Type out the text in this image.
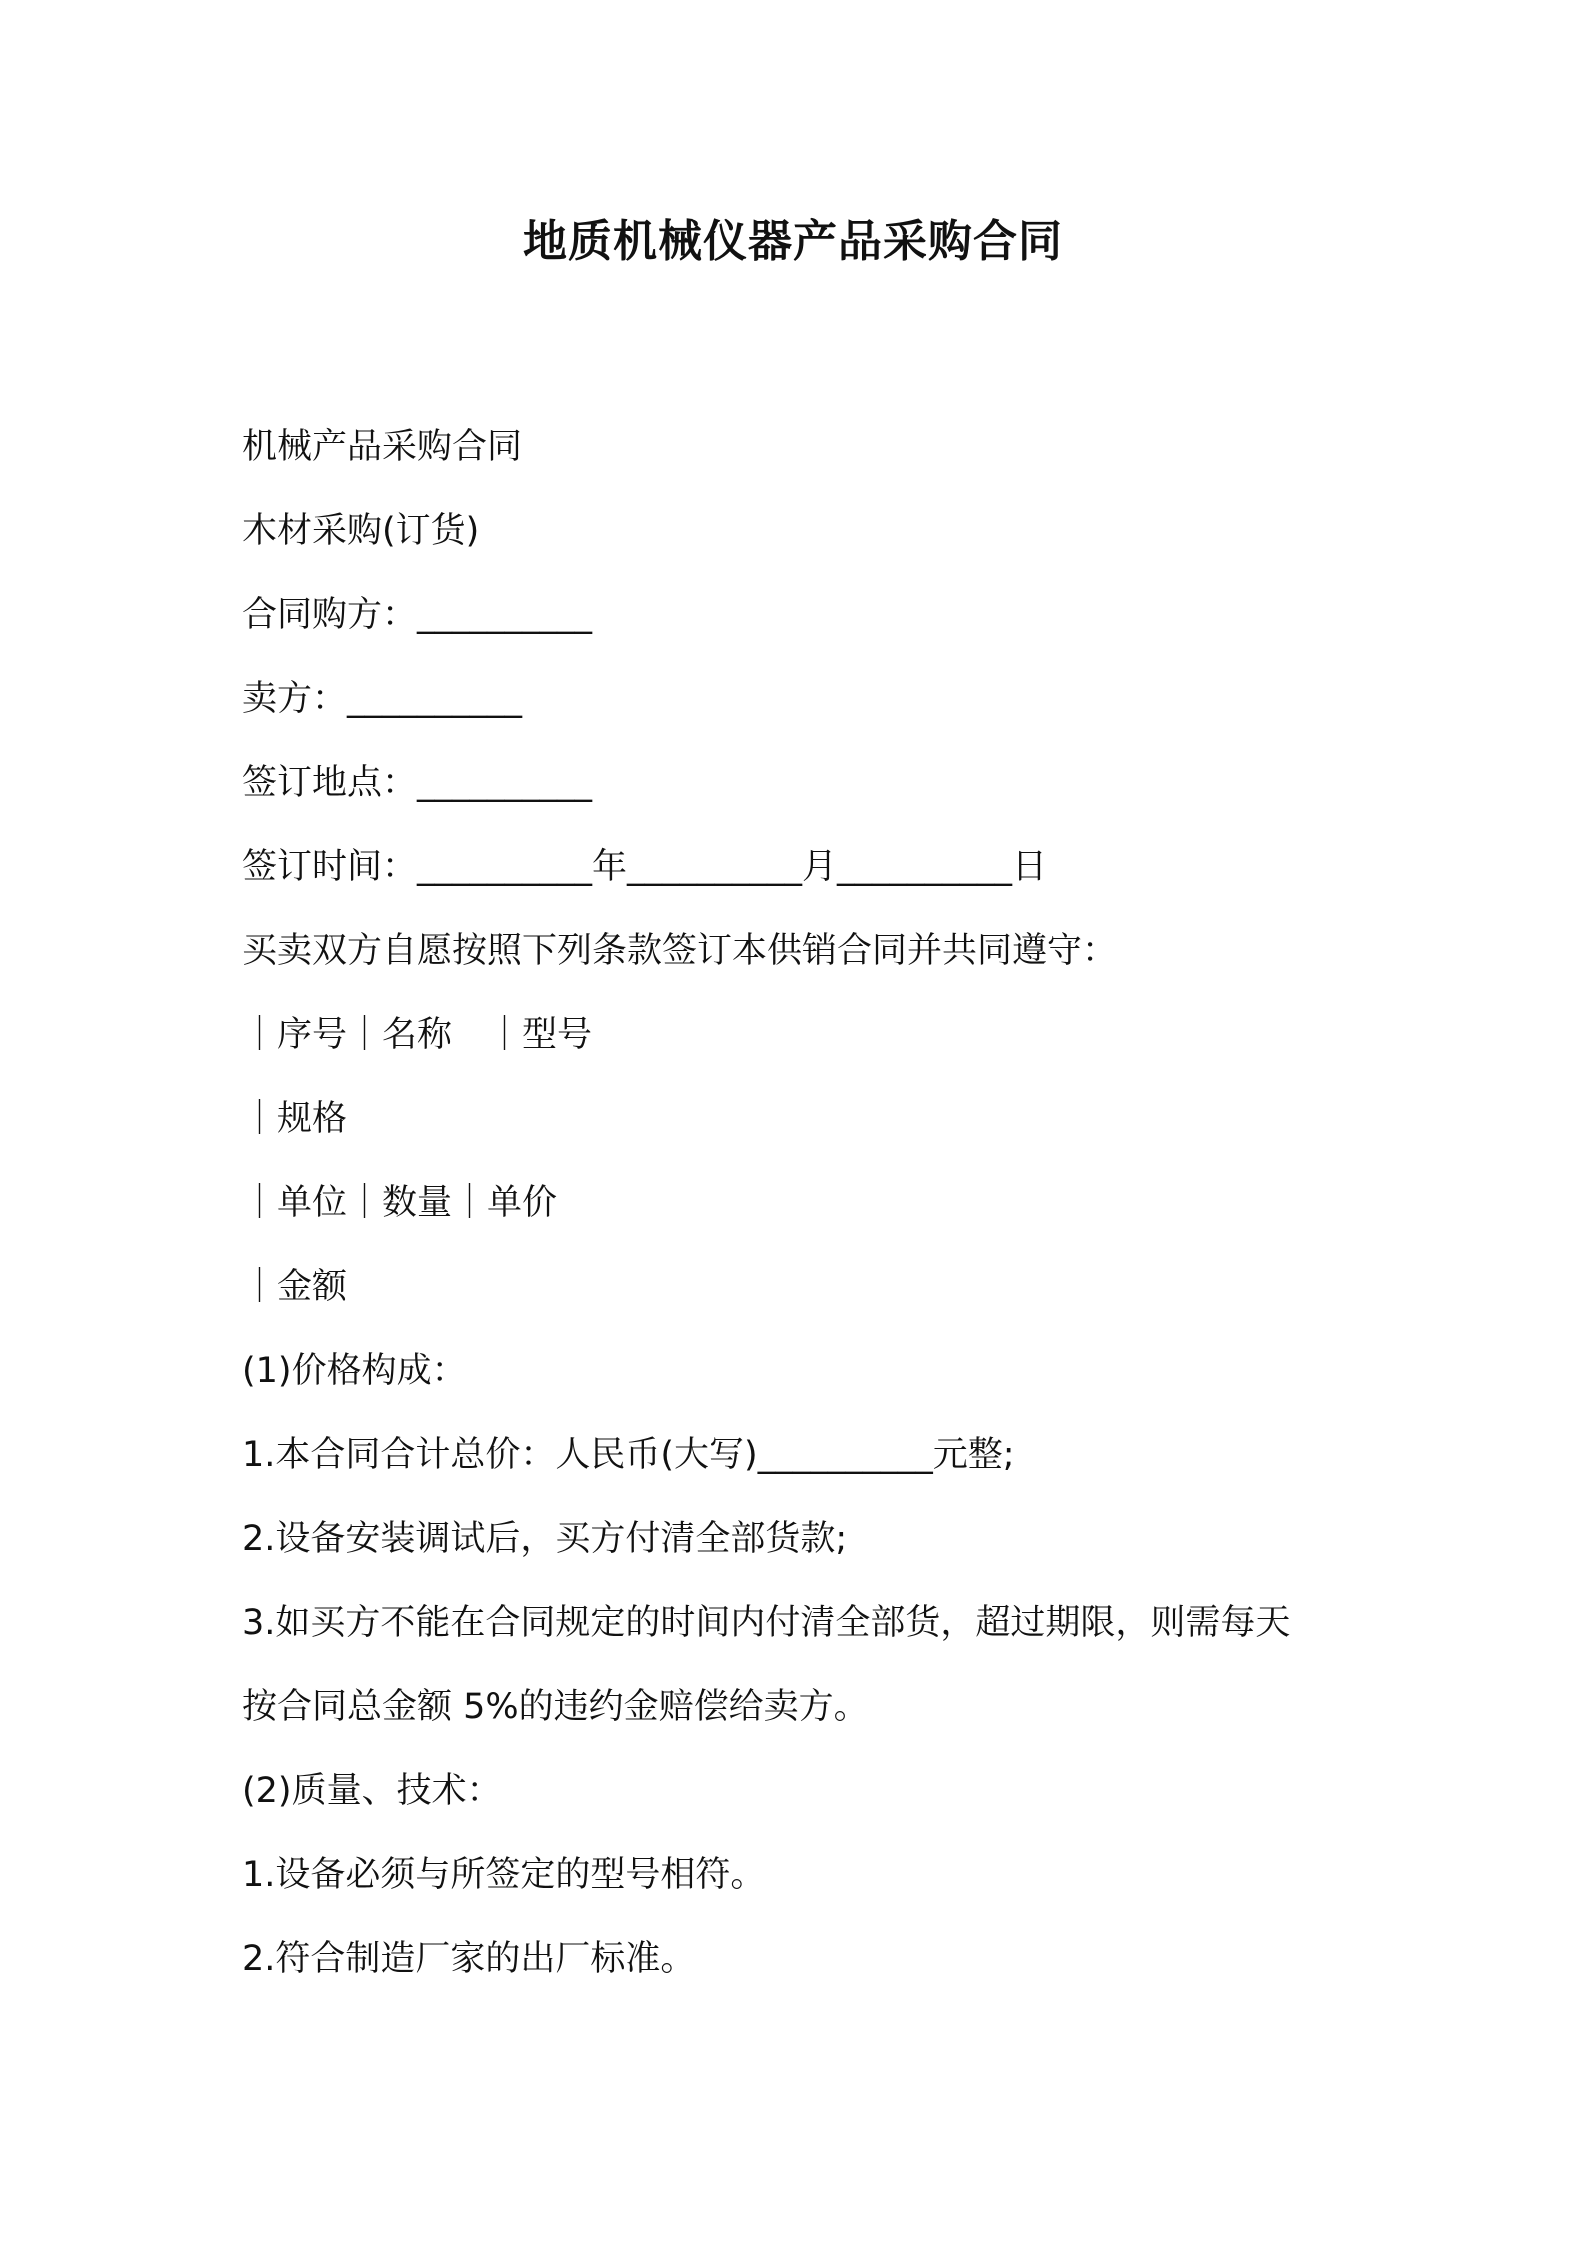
地质机械仪器产品采购合同

机械产品采购合同

木材采购(订货)

合同购方：__________

卖方：__________

签订地点：__________

签订时间：__________年__________月__________日

买卖双方自愿按照下列条款签订本供销合同并共同遵守：

｜序号｜名称　｜型号

｜规格

｜单位｜数量｜单价

｜金额

(1)价格构成：

1.本合同合计总价：人民币(大写)__________元整;

2.设备安装调试后，买方付清全部货款;

3.如买方不能在合同规定的时间内付清全部货，超过期限，则需每天

按合同总金额 5%的违约金赔偿给卖方。

(2)质量、技术：

1.设备必须与所签定的型号相符。

2.符合制造厂家的出厂标准。
